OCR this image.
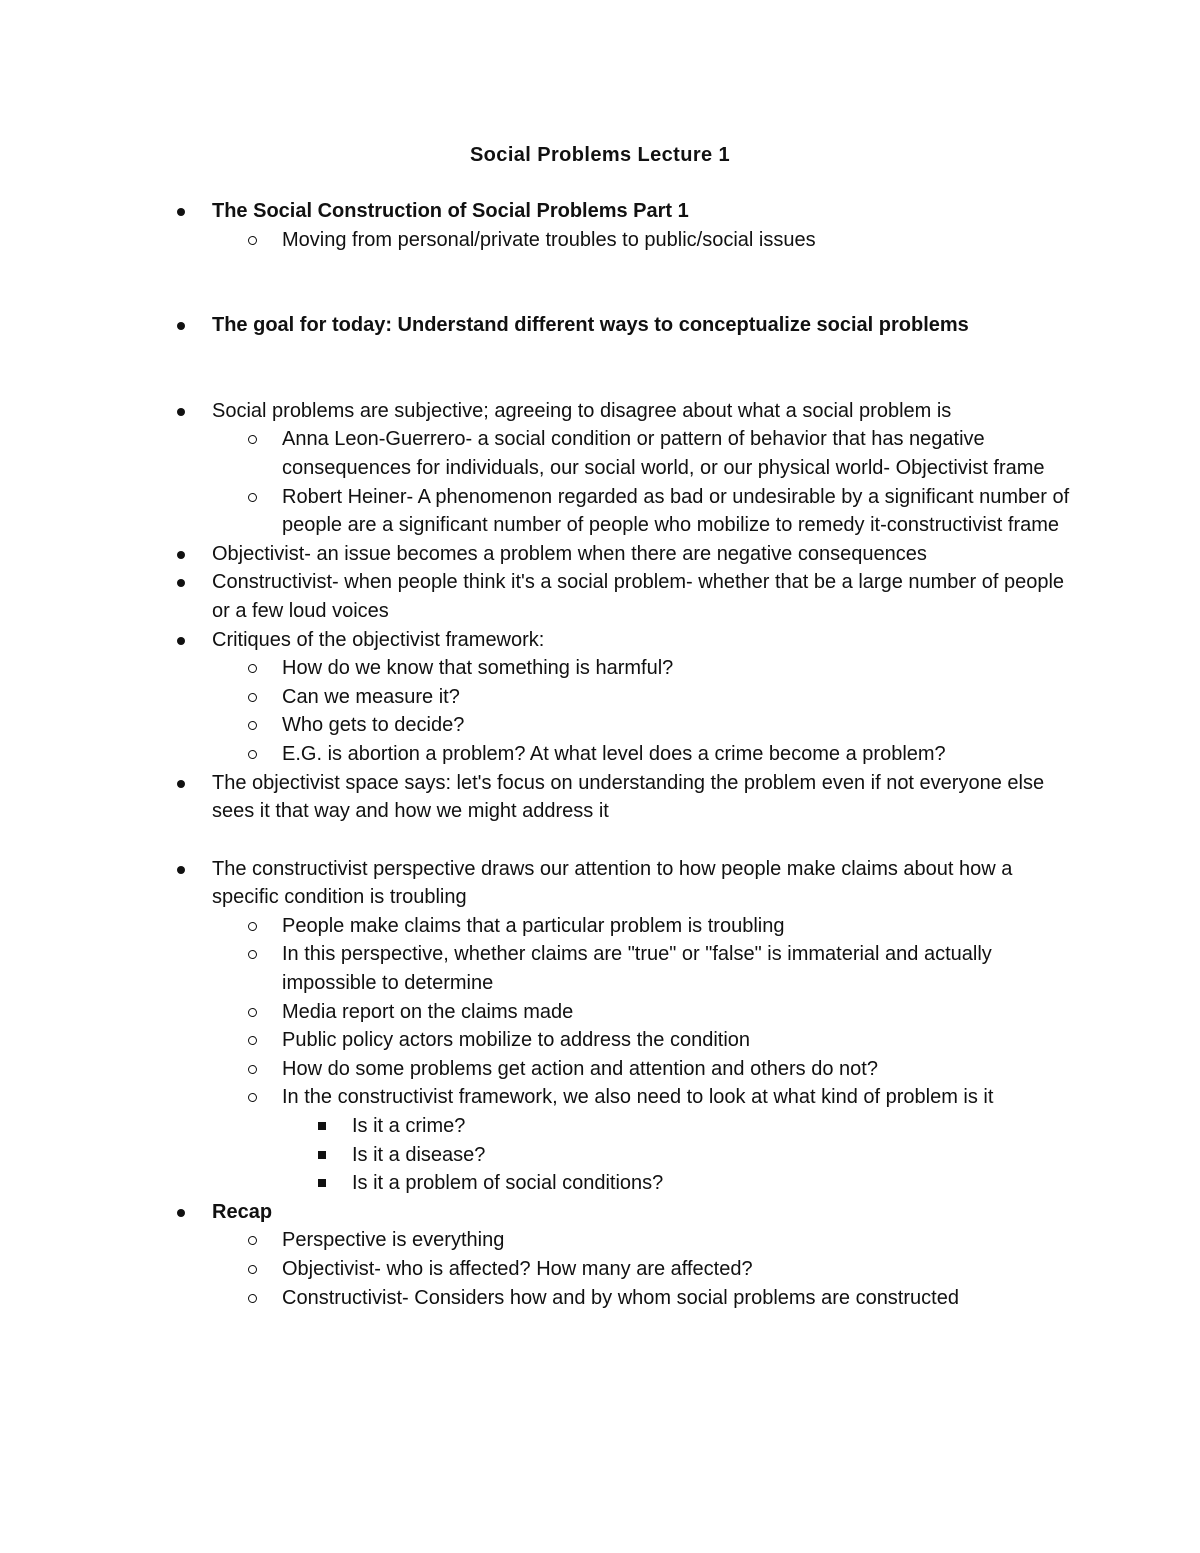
Social Problems Lecture 1
The Social Construction of Social Problems Part 1
Moving from personal/private troubles to public/social issues
The goal for today: Understand different ways to conceptualize social problems
Social problems are subjective; agreeing to disagree about what a social problem is
Anna Leon-Guerrero- a social condition or pattern of behavior that has negative consequences for individuals, our social world, or our physical world- Objectivist frame
Robert Heiner- A phenomenon regarded as bad or undesirable by a significant number of people are a significant number of people who mobilize to remedy it-constructivist frame
Objectivist- an issue becomes a problem when there are negative consequences
Constructivist- when people think it's a social problem- whether that be a large number of people or a few loud voices
Critiques of the objectivist framework:
How do we know that something is harmful?
Can we measure it?
Who gets to decide?
E.G. is abortion a problem? At what level does a crime become a problem?
The objectivist space says: let's focus on understanding the problem even if not everyone else sees it that way and how we might address it
The constructivist perspective draws our attention to how people make claims about how a specific condition is troubling
People make claims that a particular problem is troubling
In this perspective, whether claims are "true" or "false" is immaterial and actually impossible to determine
Media report on the claims made
Public policy actors mobilize to address the condition
How do some problems get action and attention and others do not?
In the constructivist framework, we also need to look at what kind of problem is it
Is it a crime?
Is it a disease?
Is it a problem of social conditions?
Recap
Perspective is everything
Objectivist- who is affected? How many are affected?
Constructivist- Considers how and by whom social problems are constructed
